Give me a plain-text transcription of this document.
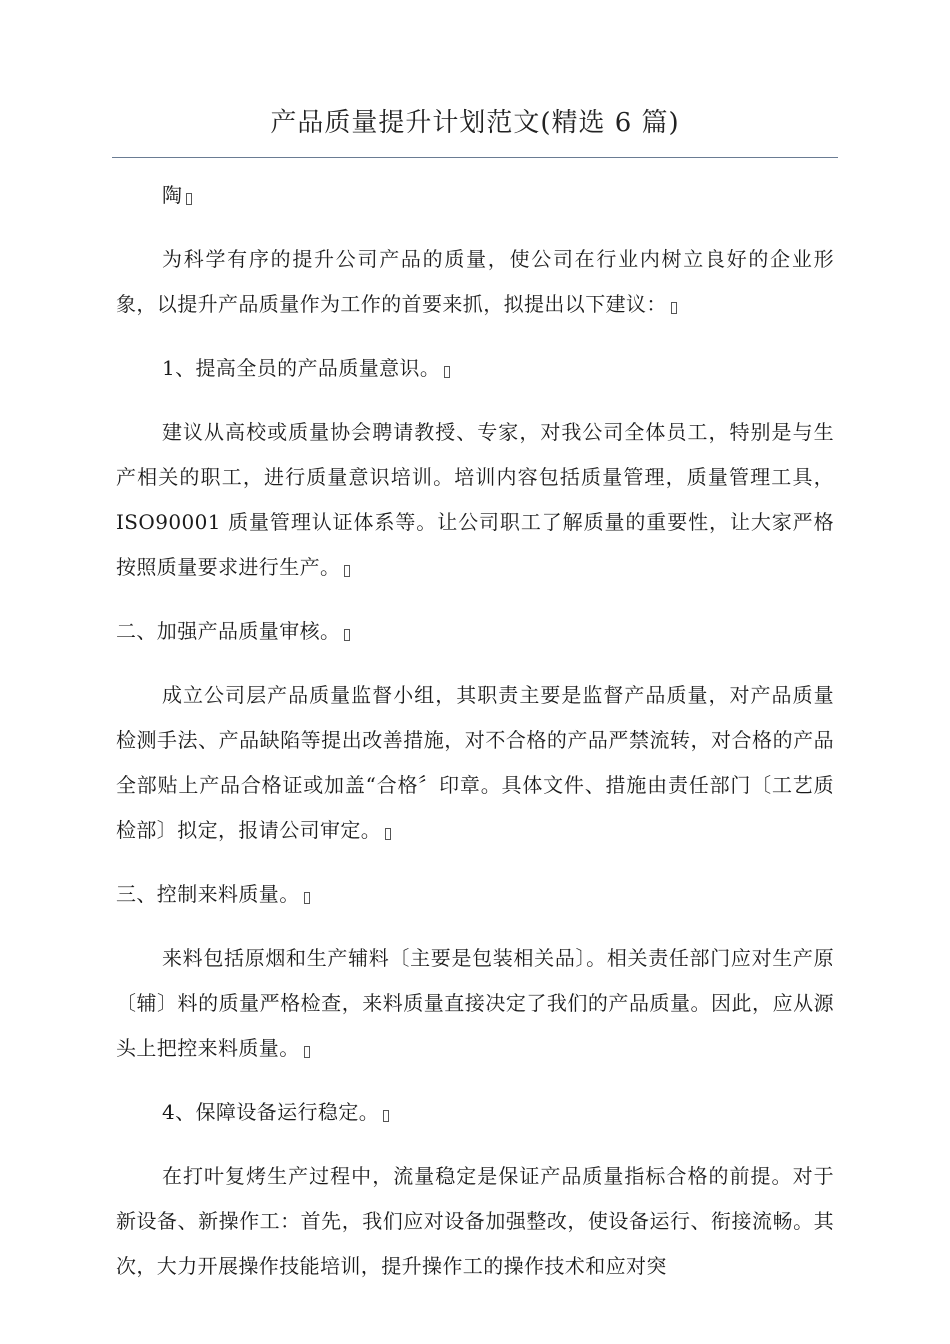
产品质量提升计划范文(精选 6 篇)

陶

为科学有序的提升公司产品的质量，使公司在行业内树立良好的企业形象，以提升产品质量作为工作的首要来抓，拟提出以下建议：

1、提高全员的产品质量意识。

建议从高校或质量协会聘请教授、专家，对我公司全体员工，特别是与生产相关的职工，进行质量意识培训。培训内容包括质量管理，质量管理工具，ISO90001 质量管理认证体系等。让公司职工了解质量的重要性，让大家严格按照质量要求进行生产。

二、加强产品质量审核。

成立公司层产品质量监督小组，其职责主要是监督产品质量，对产品质量检测手法、产品缺陷等提出改善措施，对不合格的产品严禁流转，对合格的产品全部贴上产品合格证或加盖“合格〞印章。具体文件、措施由责任部门〔工艺质检部〕拟定，报请公司审定。

三、控制来料质量。

来料包括原烟和生产辅料〔主要是包装相关品〕。相关责任部门应对生产原〔辅〕料的质量严格检查，来料质量直接决定了我们的产品质量。因此，应从源头上把控来料质量。

4、保障设备运行稳定。

在打叶复烤生产过程中，流量稳定是保证产品质量指标合格的前提。对于新设备、新操作工：首先，我们应对设备加强整改，使设备运行、衔接流畅。其次，大力开展操作技能培训，提升操作工的操作技术和应对突
